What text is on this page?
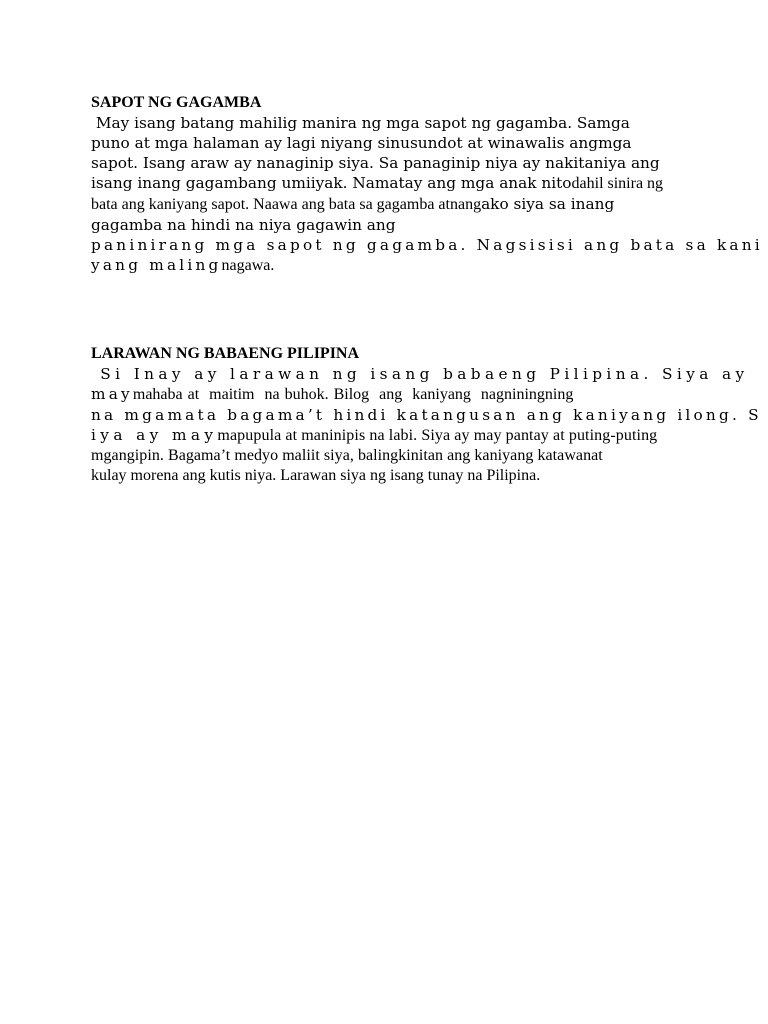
SAPOT NG GAGAMBA

May isang batang mahilig manira ng mga sapot ng gagamba. Samga

puno at mga halaman ay lagi niyang sinusundot at winawalis angmga

sapot. Isang araw ay nanaginip siya. Sa panaginip niya ay nakitaniya ang

isang inang gagambang umiiyak. Namatay ang mga anak nitodahil sinira ng

bata ang kaniyang sapot. Naawa ang bata sa gagamba atnangako siya sa inang

gagamba na hindi na niya gagawin ang

paninirang mga sapot ng gagamba. Nagsisisi ang bata sa kani

yang malingnagawa.

LARAWAN NG BABAENG PILIPINA

Si Inay ay larawan ng isang babaeng Pilipina. Siya ay

maymahaba at  maitim  na buhok. Bilog  ang  kaniyang  nagniningning

na mgamata bagama’t hindi katangusan ang kaniyang ilong. S

iya ay maymapupula at maninipis na labi. Siya ay may pantay at puting-puting

mgangipin. Bagama’t medyo maliit siya, balingkinitan ang kaniyang katawanat

kulay morena ang kutis niya. Larawan siya ng isang tunay na Pilipina.
